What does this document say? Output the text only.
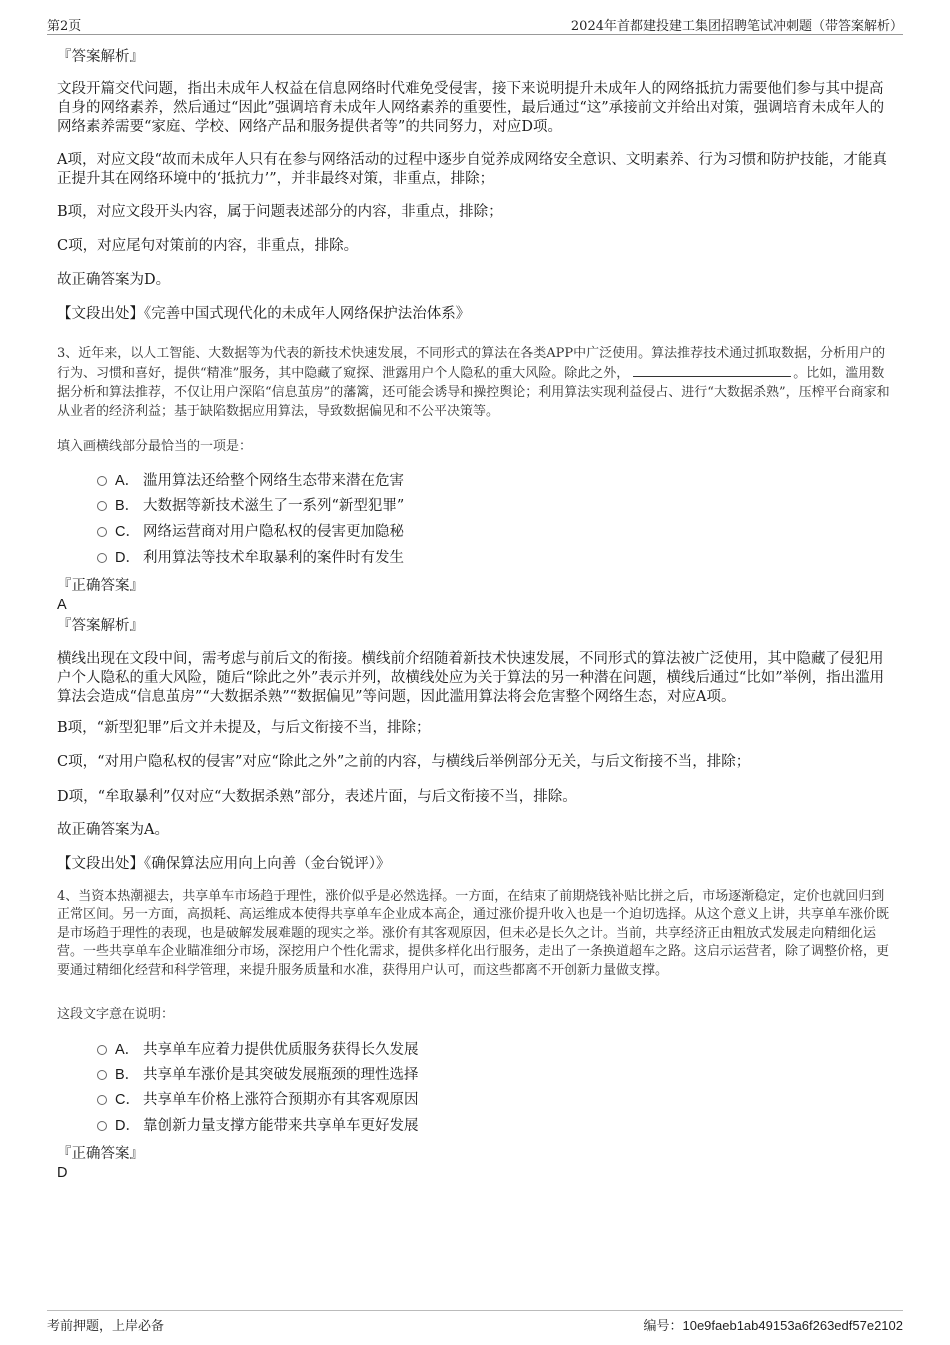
第2页	2024年首都建投建工集团招聘笔试冲刺题（带答案解析）

『答案解析』

文段开篇交代问题，指出未成年人权益在信息网络时代难免受侵害，接下来说明提升未成年人的网络抵抗力需要他们参与其中提高自身的网络素养，然后通过“因此”强调培育未成年人网络素养的重要性，最后通过“这”承接前文并给出对策，强调培育未成年人的网络素养需要“家庭、学校、网络产品和服务提供者等”的共同努力，对应D项。

A项，对应文段“故而未成年人只有在参与网络活动的过程中逐步自觉养成网络安全意识、文明素养、行为习惯和防护技能，才能真正提升其在网络环境中的‘抵抗力’”，并非最终对策，非重点，排除；

B项，对应文段开头内容，属于问题表述部分的内容，非重点，排除；

C项，对应尾句对策前的内容，非重点，排除。

故正确答案为D。

【文段出处】《完善中国式现代化的未成年人网络保护法治体系》

3、近年来，以人工智能、大数据等为代表的新技术快速发展，不同形式的算法在各类APP中广泛使用。算法推荐技术通过抓取数据，分析用户的行为、习惯和喜好，提供“精准”服务，其中隐藏了窥探、泄露用户个人隐私的重大风险。除此之外，	。比如，滥用数据分析和算法推荐，不仅让用户深陷“信息茧房”的藩篱，还可能会诱导和操控舆论；利用算法实现利益侵占、进行“大数据杀熟”，压榨平台商家和从业者的经济利益；基于缺陷数据应用算法，导致数据偏见和不公平决策等。

填入画横线部分最恰当的一项是：

A． 滥用算法还给整个网络生态带来潜在危害
B． 大数据等新技术滋生了一系列“新型犯罪”
C． 网络运营商对用户隐私权的侵害更加隐秘
D． 利用算法等技术牟取暴利的案件时有发生

『正确答案』

A

『答案解析』

横线出现在文段中间，需考虑与前后文的衔接。横线前介绍随着新技术快速发展，不同形式的算法被广泛使用，其中隐藏了侵犯用户个人隐私的重大风险，随后“除此之外”表示并列，故横线处应为关于算法的另一种潜在问题，横线后通过“比如”举例，指出滥用算法会造成“信息茧房”“大数据杀熟”“数据偏见”等问题，因此滥用算法将会危害整个网络生态，对应A项。

B项，“新型犯罪”后文并未提及，与后文衔接不当，排除；

C项，“对用户隐私权的侵害”对应“除此之外”之前的内容，与横线后举例部分无关，与后文衔接不当，排除；

D项，“牟取暴利”仅对应“大数据杀熟”部分，表述片面，与后文衔接不当，排除。

故正确答案为A。

【文段出处】《确保算法应用向上向善（金台锐评）》

4、当资本热潮褪去，共享单车市场趋于理性，涨价似乎是必然选择。一方面，在结束了前期烧钱补贴比拼之后，市场逐渐稳定，定价也就回归到正常区间。另一方面，高损耗、高运维成本使得共享单车企业成本高企，通过涨价提升收入也是一个迫切选择。从这个意义上讲，共享单车涨价既是市场趋于理性的表现，也是破解发展难题的现实之举。涨价有其客观原因，但未必是长久之计。当前，共享经济正由粗放式发展走向精细化运营。一些共享单车企业瞄准细分市场，深挖用户个性化需求，提供多样化出行服务，走出了一条换道超车之路。这启示运营者，除了调整价格，更要通过精细化经营和科学管理，来提升服务质量和水准，获得用户认可，而这些都离不开创新力量做支撑。

这段文字意在说明：

A． 共享单车应着力提供优质服务获得长久发展
B． 共享单车涨价是其突破发展瓶颈的理性选择
C． 共享单车价格上涨符合预期亦有其客观原因
D． 靠创新力量支撑方能带来共享单车更好发展

『正确答案』

D

考前押题，上岸必备	编号：10e9faeb1ab49153a6f263edf57e2102
